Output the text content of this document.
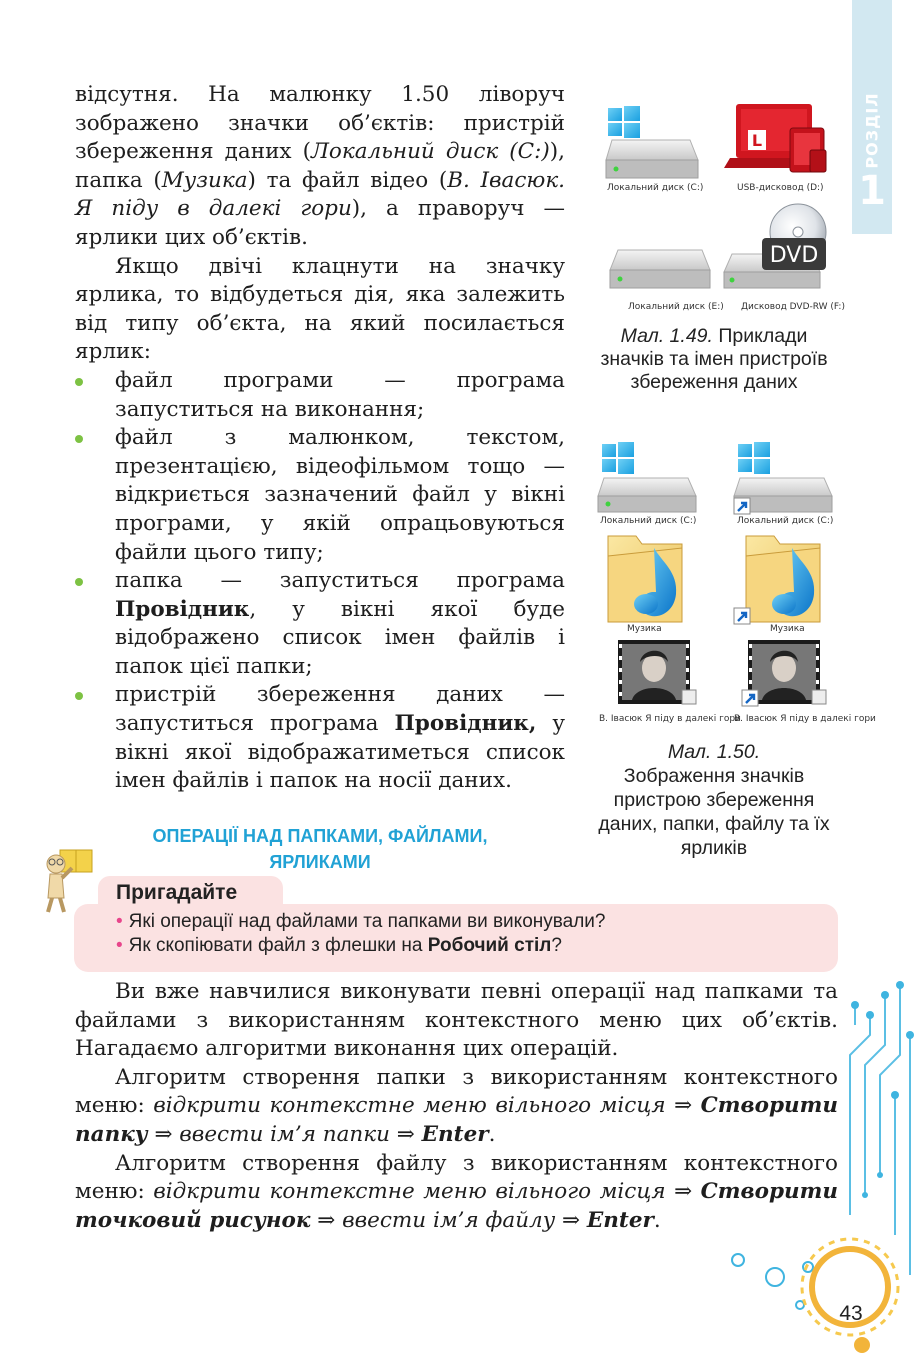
РОЗДІЛ
1

відсутня. На малюнку 1.50 ліворуч зображено значки об’єктів: пристрій збереження даних (Локальний диск (С:)), папка (Музика) та файл відео (В. Івасюк. Я піду в далекі гори), а праворуч — ярлики цих об’єктів.

Якщо двічі клацнути на значку ярлика, то відбудеться дія, яка залежить від типу об’єкта, на який посилається ярлик:

файл програми — програма запуститься на виконання;
файл з малюнком, текстом, презентацією, відеофільмом тощо — відкриється зазначений файл у вікні програми, у якій опрацьовуються файли цього типу;
папка — запуститься програма Провідник, у вікні якої буде відображено список імен файлів і папок цієї папки;
пристрій збереження даних — запуститься програма Провідник, у вікні якої відображатиметься список імен файлів і папок на носії даних.
L
DVD
Локальний диск (C:)	USB-дисковод (D:)
Локальний диск (E:) Дисковод DVD-RW (F:)
Мал. 1.49. Приклади значків та імен пристроїв збереження даних
Локальний диск (C:)	Локальний диск (C:)
Музика	Музика
В. Івасюк Я піду в далекі гори
В. Івасюк Я піду в далекі гори
Мал. 1.50.
Зображення значків пристрою збереження даних, папки, файлу та їх ярликів
ОПЕРАЦІЇ НАД ПАПКАМИ, ФАЙЛАМИ, ЯРЛИКАМИ
Пригадайте
• Які операції над файлами та папками ви виконували?
• Як скопіювати файл з флешки на Робочий стіл?

Ви вже навчилися виконувати певні операції над папками та файлами з використанням контекстного меню цих об’єктів. Нагадаємо алгоритми виконання цих операцій.

Алгоритм створення папки з використанням контекстного меню: відкрити контекстне меню вільного місця ⇒ Створити папку ⇒ ввести ім’я папки ⇒ Enter.

Алгоритм створення файлу з використанням контекстного меню: відкрити контекстне меню вільного місця ⇒ Створити точковий рисунок ⇒ ввести ім’я файлу ⇒ Enter.

43
